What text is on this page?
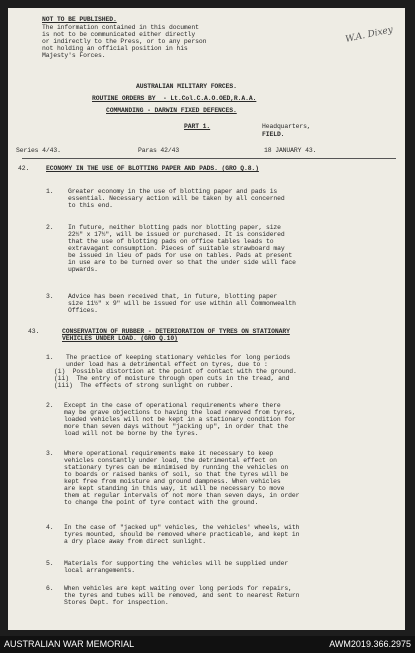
NOT TO BE PUBLISHED.
The information contained in this document
is not to be communicated either directly
or indirectly to the Press, or to any person
not holding an official position in his
Majesty's Forces.
W.A. Dixey
AUSTRALIAN MILITARY FORCES.
ROUTINE ORDERS BY  - Lt.Col.C.A.O.OED,R.A.A.
COMMANDING - DARWIN FIXED DEFENCES.
PART 1.	Headquarters,
FIELD.
Series 4/43.	Paras 42/43	18 JANUARY 43.
42.	ECONOMY IN THE USE OF BLOTTING PAPER AND PADS. (GRO Q.8.)
1. Greater economy in the use of blotting paper and pads is
essential. Necessary action will be taken by all concerned
to this end.
2. In future, neither blotting pads nor blotting paper, size
22½" x 17½", will be issued or purchased. It is considered
that the use of blotting pads on office tables leads to
extravagant consumption. Pieces of suitable strawboard may
be issued in lieu of pads for use on tables. Pads at present
in use are to be turned over so that the under side will face
upwards.
3. Advice has been received that, in future, blotting paper
size 11½" x 9" will be issued for use within all Commonwealth
Offices.
43.	CONSERVATION OF RUBBER - DETERIORATION OF TYRES ON STATIONARY
VEHICLES UNDER LOAD. (GRO Q.10)
1. The practice of keeping stationary vehicles for long periods
under load has a detrimental effect on tyres, due to :
(i)  Possible distortion at the point of contact with the ground.
(ii)  The entry of moisture through open cuts in the tread, and
(iii)  The effects of strong sunlight on rubber.
2. Except in the case of operational requirements where there
may be grave objections to having the load removed from tyres,
loaded vehicles will not be kept in a stationary condition for
more than seven days without "jacking up", in order that the
load will not be borne by the tyres.
3. Where operational requirements make it necessary to keep
vehicles constantly under load, the detrimental effect on
stationary tyres can be minimised by running the vehicles on
to boards or raised banks of soil, so that the tyres will be
kept free from moisture and ground dampness. When vehicles
are kept standing in this way, it will be necessary to move
them at regular intervals of not more than seven days, in order
to change the point of tyre contact with the ground.
4. In the case of "jacked up" vehicles, the vehicles' wheels, with
tyres mounted, should be removed where practicable, and kept in
a dry place away from direct sunlight.
5. Materials for supporting the vehicles will be supplied under
local arrangements.
6. When vehicles are kept waiting over long periods for repairs,
the tyres and tubes will be removed, and sent to nearest Return
Stores Dept. for inspection.
AUSTRALIAN WAR MEMORIAL	AWM2019.366.2975
